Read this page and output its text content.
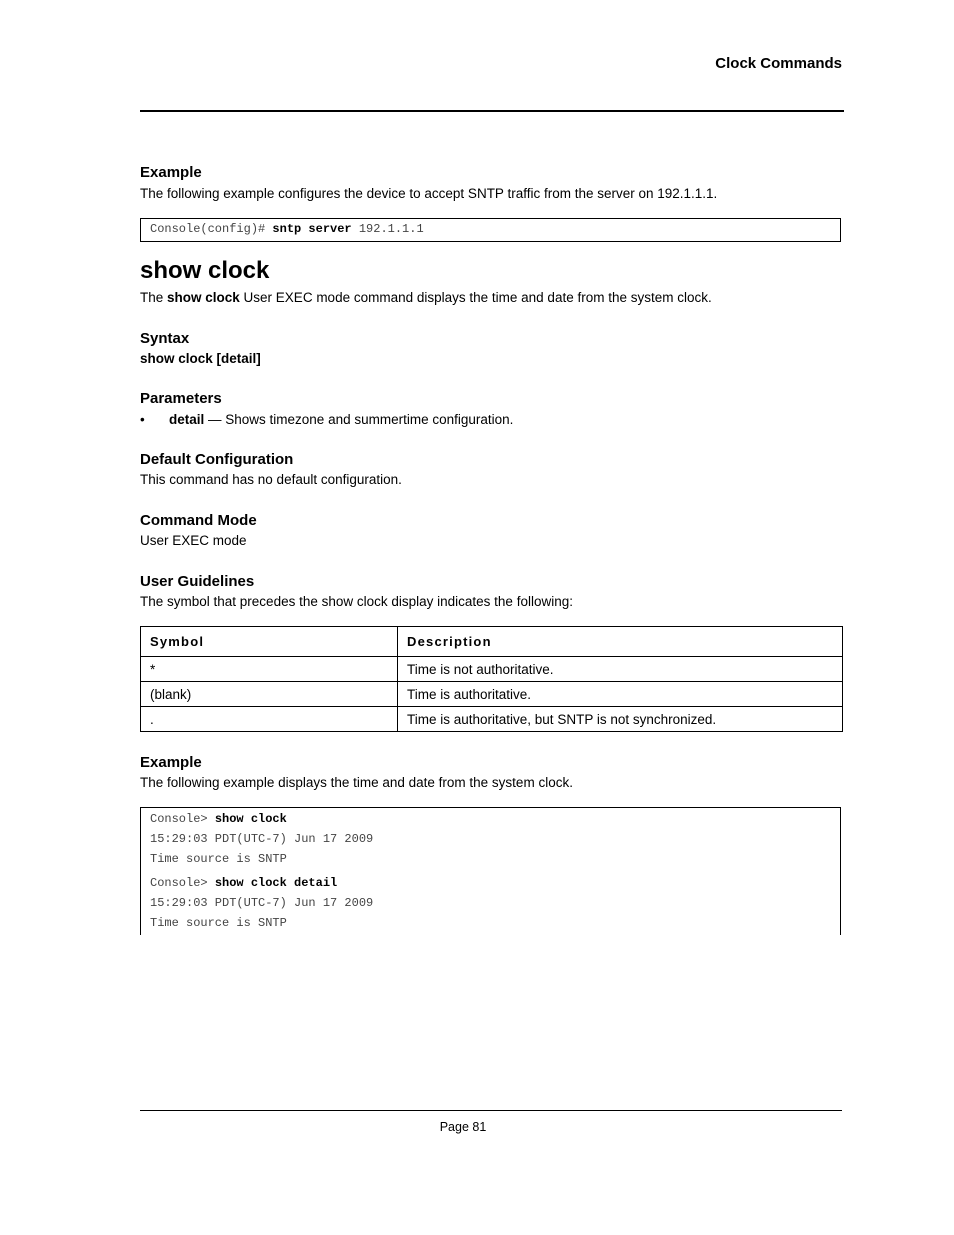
Clock Commands
Example
The following example configures the device to accept SNTP traffic from the server on 192.1.1.1.
Console(config)# sntp server 192.1.1.1
show clock
The show clock User EXEC mode command displays the time and date from the system clock.
Syntax
show clock [detail]
Parameters
• detail — Shows timezone and summertime configuration.
Default Configuration
This command has no default configuration.
Command Mode
User EXEC mode
User Guidelines
The symbol that precedes the show clock display indicates the following:
Symbol	Description
*	Time is not authoritative.
(blank)	Time is authoritative.
.	Time is authoritative, but SNTP is not synchronized.
Example
The following example displays the time and date from the system clock.
Console> show clock
15:29:03 PDT(UTC-7) Jun 17 2009
Time source is SNTP
Console> show clock detail
15:29:03 PDT(UTC-7) Jun 17 2009
Time source is SNTP
Page 81
